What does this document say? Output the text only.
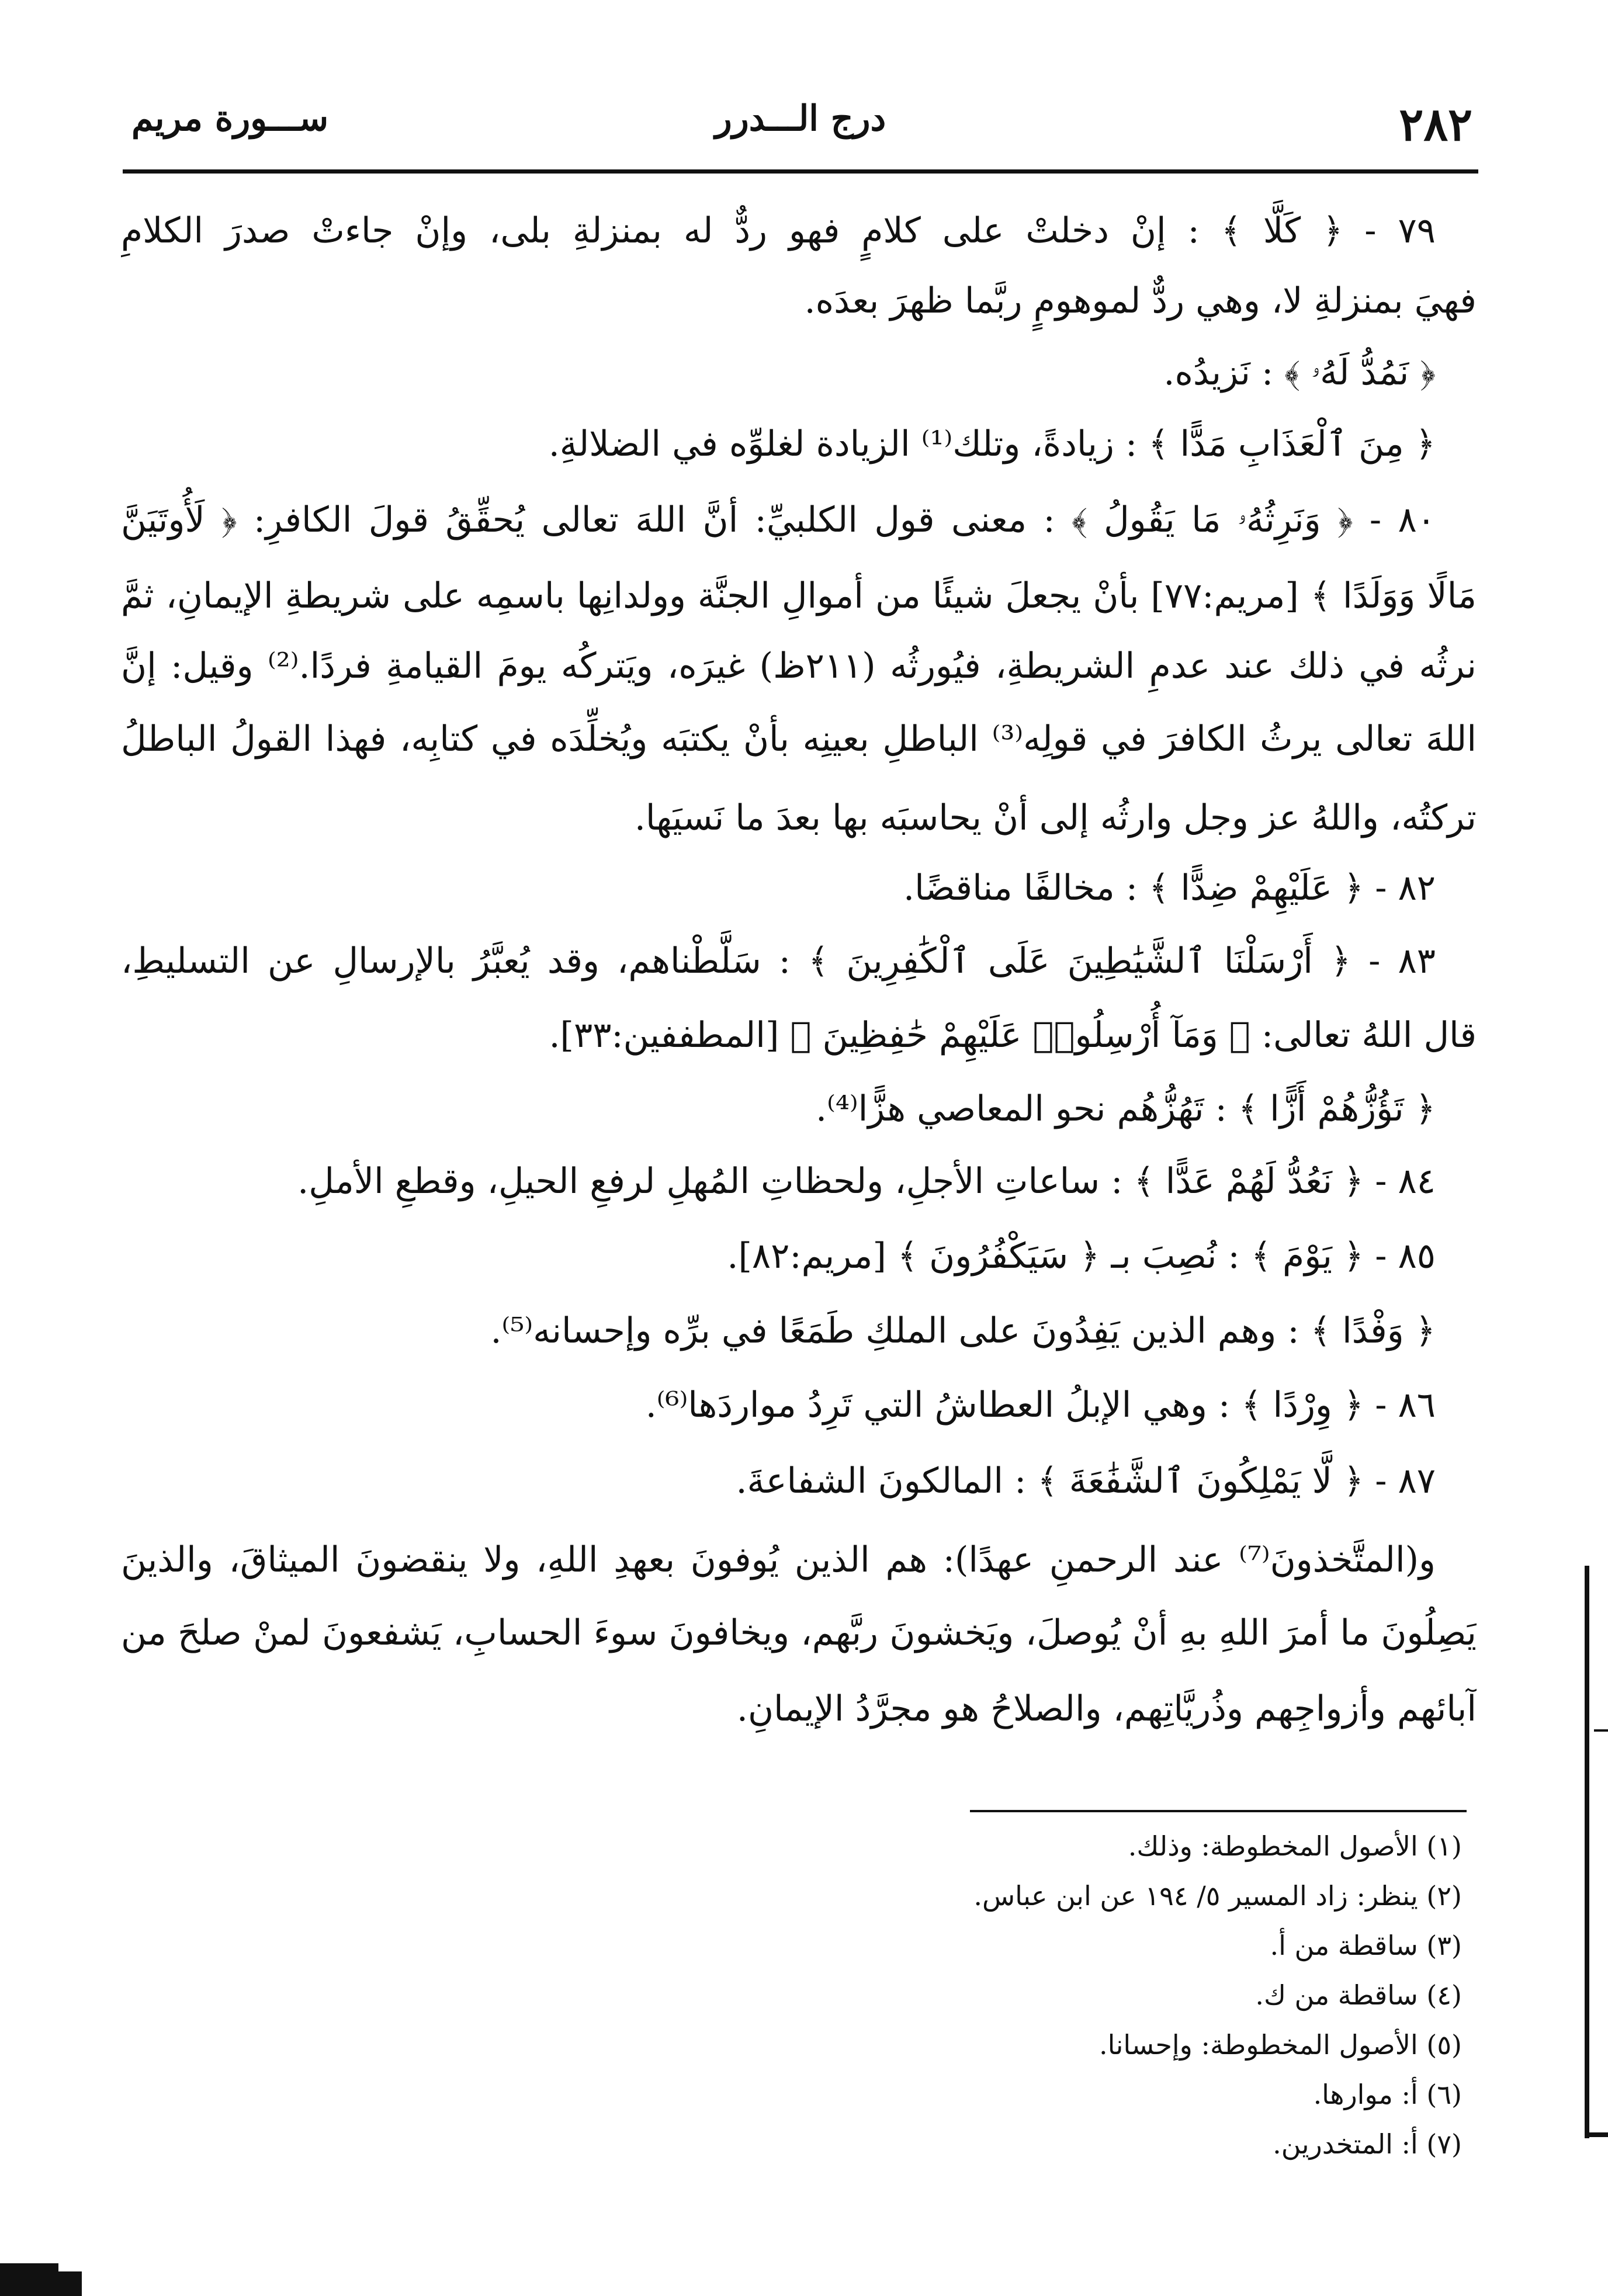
٢٨٢
درج الـــدرر
ســـورة مريم
٧٩ - ﴿ كَلَّا ﴾ : إنْ دخلتْ على كلامٍ فهو ردٌّ له بمنزلةِ بلى، وإنْ جاءتْ صدرَ الكلامِ
فهيَ بمنزلةِ لا، وهي ردٌّ لموهومٍ ربَّما ظهرَ بعدَه.
﴿ نَمُدُّ لَهُۥ ﴾ : نَزيدُه.
﴿ مِنَ ٱلْعَذَابِ مَدًّا ﴾ : زيادةً، وتلك⁽¹⁾ الزيادة لغلوِّه في الضلالةِ.
٨٠ - ﴿ وَنَرِثُهُۥ مَا يَقُولُ ﴾ : معنى قول الكلبيِّ: أنَّ اللهَ تعالى يُحقِّقُ قولَ الكافرِ: ﴿ لَأُوتَيَنَّ
مَالًا وَوَلَدًا ﴾ [مريم:٧٧] بأنْ يجعلَ شيئًا من أموالِ الجنَّة وولدانِها باسمِه على شريطةِ الإيمانِ، ثمَّ
نرثُه في ذلك عند عدمِ الشريطةِ، فيُورثُه (٢١١ظ) غيرَه، ويَتركُه يومَ القيامةِ فردًا.⁽²⁾ وقيل: إنَّ
اللهَ تعالى يرثُ الكافرَ في قولِه⁽³⁾ الباطلِ بعينِه بأنْ يكتبَه ويُخلِّدَه في كتابِه، فهذا القولُ الباطلُ
تركتُه، واللهُ عز وجل وارثُه إلى أنْ يحاسبَه بها بعدَ ما نَسيَها.
٨٢ - ﴿ عَلَيْهِمْ ضِدًّا ﴾ : مخالفًا مناقضًا.
٨٣ - ﴿ أَرْسَلْنَا ٱلشَّيَٰطِينَ عَلَى ٱلْكَٰفِرِينَ ﴾ : سَلَّطْناهم، وقد يُعبَّرُ بالإرسالِ عن التسليطِ،
قال اللهُ تعالى: ﴿ وَمَآ أُرْسِلُوا۟ عَلَيْهِمْ حَٰفِظِينَ ﴾ [المطففين:٣٣].
﴿ تَؤُزُّهُمْ أَزًّا ﴾ : تَهُزُّهُم نحو المعاصي هزًّا⁽⁴⁾.
٨٤ - ﴿ نَعُدُّ لَهُمْ عَدًّا ﴾ : ساعاتِ الأجلِ، ولحظاتِ المُهلِ لرفعِ الحيلِ، وقطعِ الأملِ.
٨٥ - ﴿ يَوْمَ ﴾ : نُصِبَ بـ ﴿ سَيَكْفُرُونَ ﴾ [مريم:٨٢].
﴿ وَفْدًا ﴾ : وهم الذين يَفِدُونَ على الملكِ طَمَعًا في برِّه وإحسانه⁽⁵⁾.
٨٦ - ﴿ وِرْدًا ﴾ : وهي الإبلُ العطاشُ التي تَرِدُ مواردَها⁽⁶⁾.
٨٧ - ﴿ لَّا يَمْلِكُونَ ٱلشَّفَٰعَةَ ﴾ : المالكونَ الشفاعةَ.
و(المتَّخذونَ⁽⁷⁾ عند الرحمنِ عهدًا): هم الذين يُوفونَ بعهدِ اللهِ، ولا ينقضونَ الميثاقَ، والذينَ
يَصِلُونَ ما أمرَ اللهِ بهِ أنْ يُوصلَ، ويَخشونَ ربَّهم، ويخافونَ سوءَ الحسابِ، يَشفعونَ لمنْ صلحَ من
آبائهم وأزواجِهم وذُريَّاتِهم، والصلاحُ هو مجرَّدُ الإيمانِ.
(١) الأصول المخطوطة: وذلك.
(٢) ينظر: زاد المسير ٥/ ١٩٤ عن ابن عباس.
(٣) ساقطة من أ.
(٤) ساقطة من ك.
(٥) الأصول المخطوطة: وإحسانا.
(٦) أ: موارها.
(٧) أ: المتخدرين.
